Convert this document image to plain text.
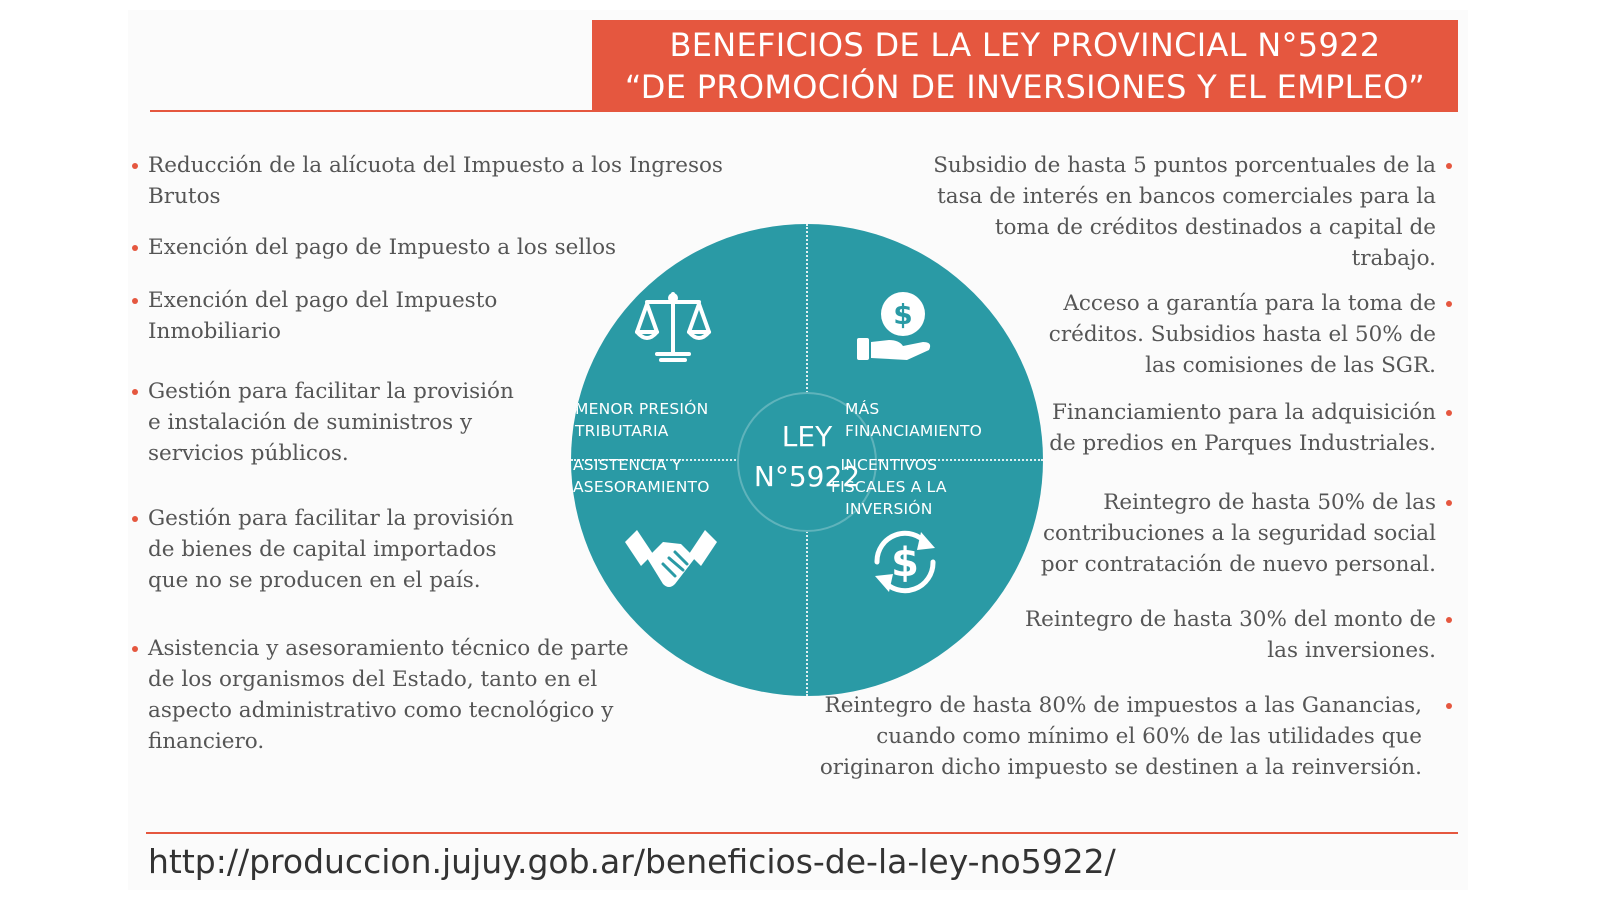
BENEFICIOS DE LA LEY PROVINCIAL N°5922
“DE PROMOCIÓN DE INVERSIONES Y EL EMPLEO”
Reducción de la alícuota del Impuesto a los Ingresos
Brutos
Exención del pago de Impuesto a los sellos
Exención del pago del Impuesto
Inmobiliario
Gestión para facilitar la provisión
e instalación de suministros y
servicios públicos.
Gestión para facilitar la provisión
de bienes de capital importados
que no se producen en el país.
Asistencia y asesoramiento técnico de parte
de los organismos del Estado, tanto en el
aspecto administrativo como tecnológico y
financiero.
Subsidio de hasta 5 puntos porcentuales de la
tasa de interés en bancos comerciales para la
toma de créditos destinados a capital de
trabajo.
Acceso a garantía para la toma de
créditos. Subsidios hasta el 50% de
las comisiones de las SGR.
Financiamiento para la adquisición
de predios en Parques Industriales.
Reintegro de hasta 50% de las
contribuciones a la seguridad social
por contratación de nuevo personal.
Reintegro de hasta 30% del monto de
las inversiones.
Reintegro de hasta 80% de impuestos a las Ganancias,
cuando como mínimo el 60% de las utilidades que
originaron dicho impuesto se destinen a la reinversión.
$
LEY
N°5922
MENOR PRESIÓN
TRIBUTARIA
MÁS
FINANCIAMIENTO
ASISTENCIA Y
ASESORAMIENTO
INCENTIVOS
FISCALES A LA
INVERSIÓN
$
http://produccion.jujuy.gob.ar/beneficios-de-la-ley-no5922/
